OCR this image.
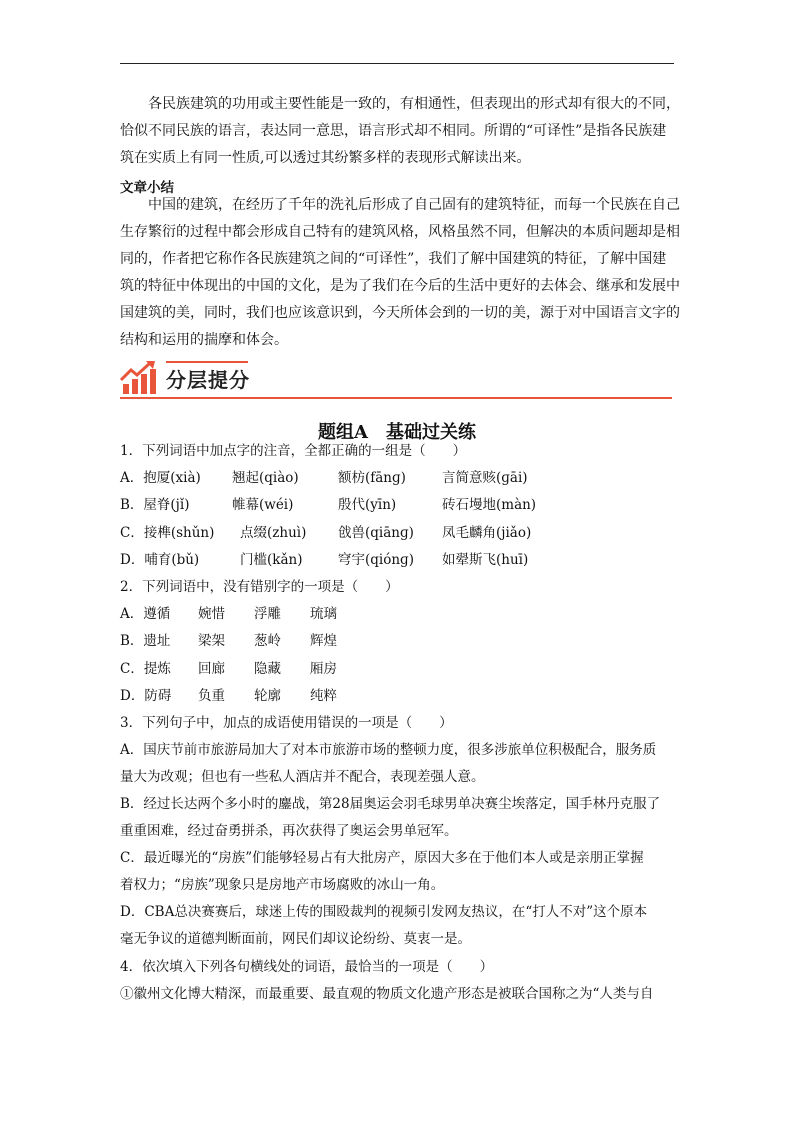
各民族建筑的功用或主要性能是一致的，有相通性，但表现出的形式却有很大的不同，
恰似不同民族的语言，表达同一意思，语言形式却不相同。所谓的“可译性”是指各民族建
筑在实质上有同一性质,可以透过其纷繁多样的表现形式解读出来。
文章小结
中国的建筑，在经历了千年的洗礼后形成了自己固有的建筑特征，而每一个民族在自己
生存繁衍的过程中都会形成自己特有的建筑风格，风格虽然不同，但解决的本质问题却是相
同的，作者把它称作各民族建筑之间的“可译性”，我们了解中国建筑的特征，了解中国建
筑的特征中体现出的中国的文化，是为了我们在今后的生活中更好的去体会、继承和发展中
国建筑的美，同时，我们也应该意识到，今天所体会到的一切的美，源于对中国语言文字的
结构和运用的揣摩和体会。
分层提分
题组A　基础过关练
1．下列词语中加点字的注音，全都正确的一组是（　　）
A．抱厦(xià) 翘起(qiào)	额枋(fānɡ)	言简意赅(ɡāi)
B．屋脊(jǐ)	帷幕(wéi)	殷代(yīn)	砖石墁地(màn)
C．接榫(shǔn) 点缀(zhuì) 戗兽(qiānɡ) 凤毛麟角(jiǎo)
D．哺育(bǔ)	门槛(kǎn)	穹宇(qiónɡ) 如翚斯飞(huī)
2．下列词语中，没有错别字的一项是（　　）
A．遵循 婉惜 浮雕 琉璃
B．遗址 梁架 葱岭 辉煌
C．提炼 回廊 隐藏 厢房
D．防碍 负重 轮廓 纯粹
3．下列句子中，加点的成语使用错误的一项是（　　）
A．国庆节前市旅游局加大了对本市旅游市场的整顿力度，很多涉旅单位积极配合，服务质
量大为改观；但也有一些私人酒店并不配合，表现差强人意。
B．经过长达两个多小时的鏖战，第28届奥运会羽毛球男单决赛尘埃落定，国手林丹克服了
重重困难，经过奋勇拼杀，再次获得了奥运会男单冠军。
C．最近曝光的“房族”们能够轻易占有大批房产，原因大多在于他们本人或是亲朋正掌握
着权力；“房族”现象只是房地产市场腐败的冰山一角。
D．CBA总决赛赛后，球迷上传的围殴裁判的视频引发网友热议，在“打人不对”这个原本
毫无争议的道德判断面前，网民们却议论纷纷、莫衷一是。
4．依次填入下列各句横线处的词语，最恰当的一项是（　　）
①徽州文化博大精深，而最重要、最直观的物质文化遗产形态是被联合国称之为“人类与自
